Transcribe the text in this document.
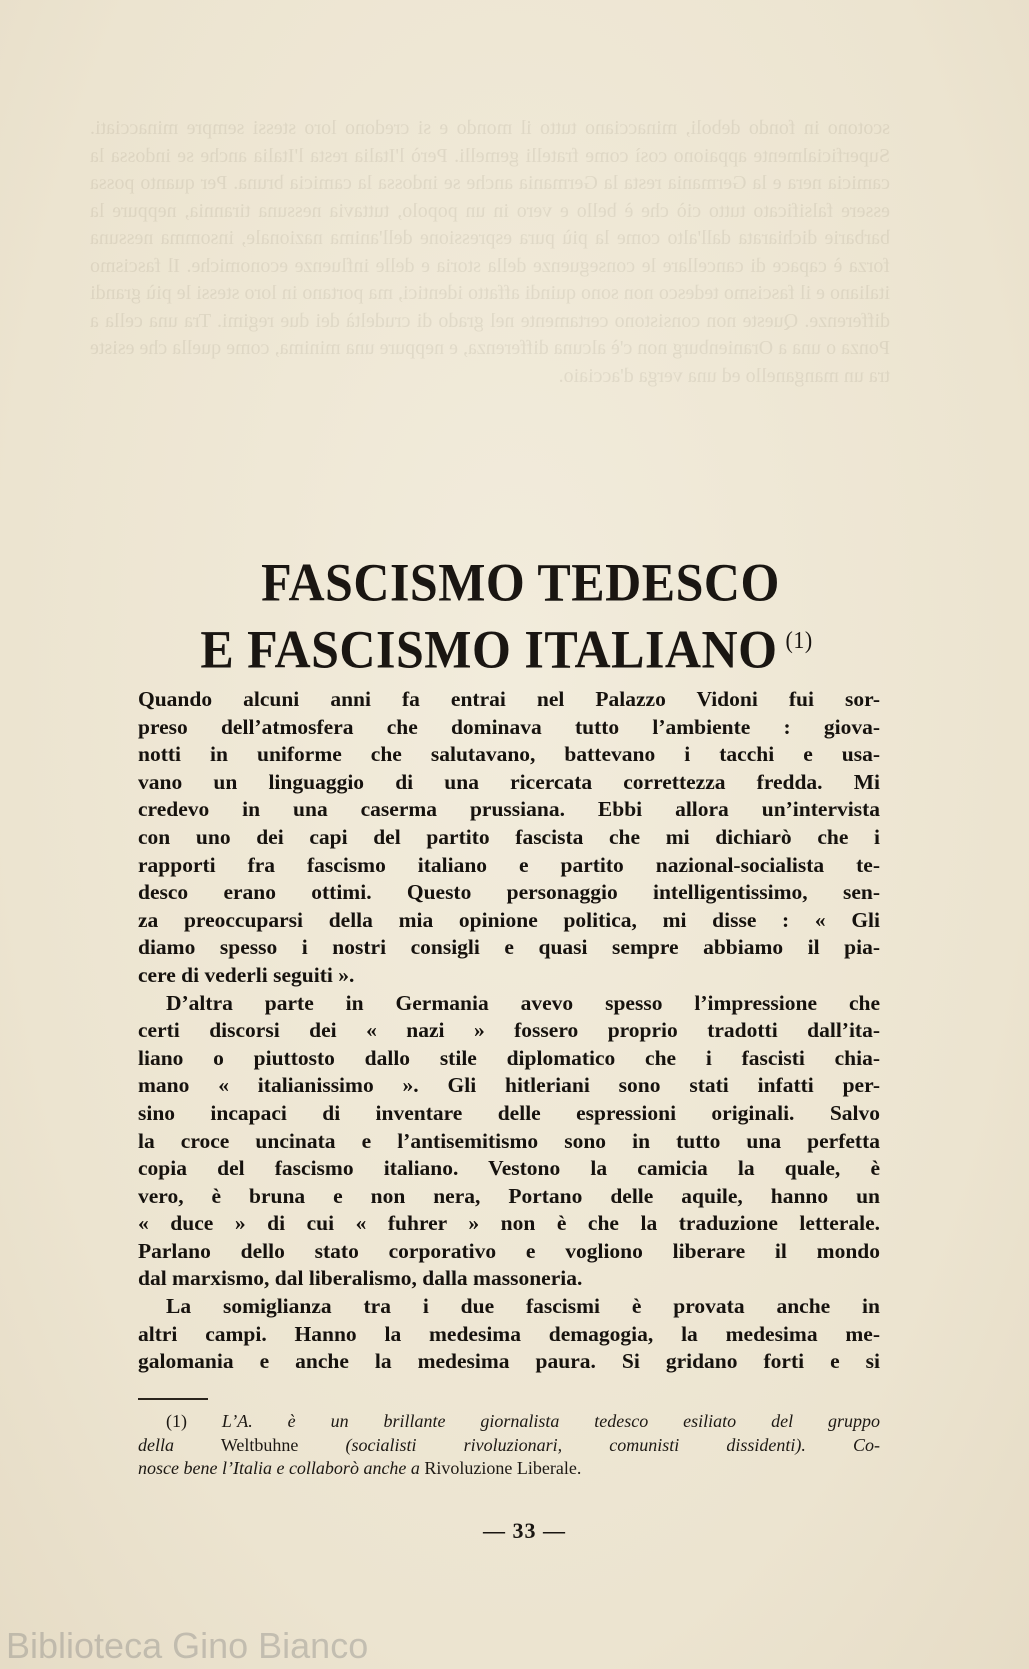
FASCISMO TEDESCO
E FASCISMO ITALIANO $^{(1)}$

Quando alcuni anni fa entrai nel Palazzo Vidoni fui sor-
preso dell’atmosfera che dominava tutto l’ambiente : giova-
notti in uniforme che salutavano, battevano i tacchi e usa-
vano un linguaggio di una ricercata correttezza fredda. Mi
credevo in una caserma prussiana. Ebbi allora un’intervista
con uno dei capi del partito fascista che mi dichiarò che i
rapporti fra fascismo italiano e partito nazional-socialista te-
desco erano ottimi. Questo personaggio intelligentissimo, sen-
za preoccuparsi della mia opinione politica, mi disse : « Gli
diamo spesso i nostri consigli e quasi sempre abbiamo il pia-
cere di vederli seguiti ».

D’altra parte in Germania avevo spesso l’impressione che
certi discorsi dei « nazi » fossero proprio tradotti dall’ita-
liano o piuttosto dallo stile diplomatico che i fascisti chia-
mano « italianissimo ». Gli hitleriani sono stati infatti per-
sino incapaci di inventare delle espressioni originali. Salvo
la croce uncinata e l’antisemitismo sono in tutto una perfetta
copia del fascismo italiano. Vestono la camicia la quale, è
vero, è bruna e non nera, Portano delle aquile, hanno un
« duce » di cui « fuhrer » non è che la traduzione letterale.
Parlano dello stato corporativo e vogliono liberare il mondo
dal marxismo, dal liberalismo, dalla massoneria.

La somiglianza tra i due fascismi è provata anche in
altri campi. Hanno la medesima demagogia, la medesima me-
galomania e anche la medesima paura. Si gridano forti e si

(1) L’A. è un brillante giornalista tedesco esiliato del gruppo
della	Weltbuhne	(socialisti rivoluzionari, comunisti dissidenti).	Co-
nosce bene l’Italia e collaborò anche a Rivoluzione Liberale.
— 33 —
Biblioteca Gino Bianco
